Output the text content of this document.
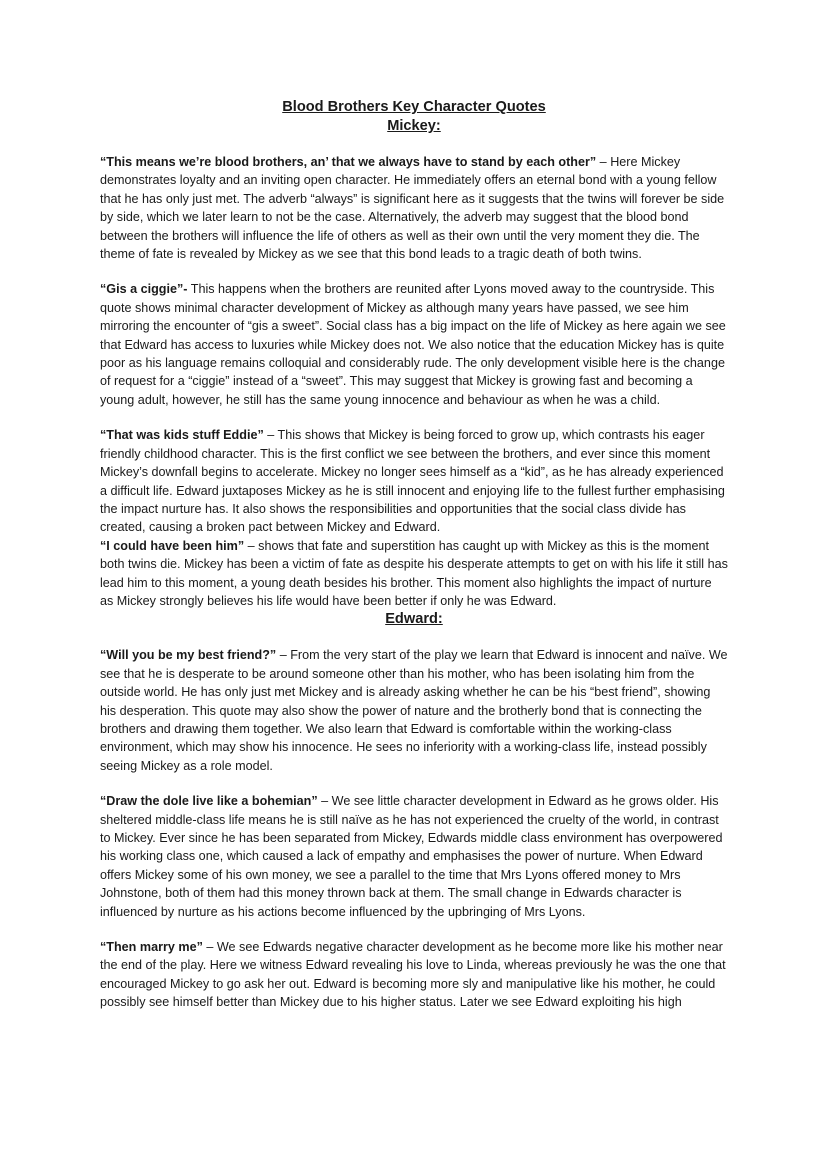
Blood Brothers Key Character Quotes

Mickey:

“This means we’re blood brothers, an’ that we always have to stand by each other” – Here Mickey demonstrates loyalty and an inviting open character. He immediately offers an eternal bond with a young fellow that he has only just met. The adverb “always” is significant here as it suggests that the twins will forever be side by side, which we later learn to not be the case. Alternatively, the adverb may suggest that the blood bond between the brothers will influence the life of others as well as their own until the very moment they die. The theme of fate is revealed by Mickey as we see that this bond leads to a tragic death of both twins.

“Gis a ciggie”- This happens when the brothers are reunited after Lyons moved away to the countryside. This quote shows minimal character development of Mickey as although many years have passed, we see him mirroring the encounter of “gis a sweet”. Social class has a big impact on the life of Mickey as here again we see that Edward has access to luxuries while Mickey does not. We also notice that the education Mickey has is quite poor as his language remains colloquial and considerably rude. The only development visible here is the change of request for a “ciggie” instead of a “sweet”. This may suggest that Mickey is growing fast and becoming a young adult, however, he still has the same young innocence and behaviour as when he was a child.

“That was kids stuff Eddie” – This shows that Mickey is being forced to grow up, which contrasts his eager friendly childhood character. This is the first conflict we see between the brothers, and ever since this moment Mickey’s downfall begins to accelerate. Mickey no longer sees himself as a “kid”, as he has already experienced a difficult life. Edward juxtaposes Mickey as he is still innocent and enjoying life to the fullest further emphasising the impact nurture has. It also shows the responsibilities and opportunities that the social class divide has created, causing a broken pact between Mickey and Edward.

“I could have been him” – shows that fate and superstition has caught up with Mickey as this is the moment both twins die. Mickey has been a victim of fate as despite his desperate attempts to get on with his life it still has lead him to this moment, a young death besides his brother. This moment also highlights the impact of nurture as Mickey strongly believes his life would have been better if only he was Edward.

Edward:

“Will you be my best friend?” – From the very start of the play we learn that Edward is innocent and naïve. We see that he is desperate to be around someone other than his mother, who has been isolating him from the outside world. He has only just met Mickey and is already asking whether he can be his “best friend”, showing his desperation. This quote may also show the power of nature and the brotherly bond that is connecting the brothers and drawing them together. We also learn that Edward is comfortable within the working-class environment, which may show his innocence. He sees no inferiority with a working-class life, instead possibly seeing Mickey as a role model.

“Draw the dole live like a bohemian” – We see little character development in Edward as he grows older. His sheltered middle-class life means he is still naïve as he has not experienced the cruelty of the world, in contrast to Mickey. Ever since he has been separated from Mickey, Edwards middle class environment has overpowered his working class one, which caused a lack of empathy and emphasises the power of nurture. When Edward offers Mickey some of his own money, we see a parallel to the time that Mrs Lyons offered money to Mrs Johnstone, both of them had this money thrown back at them. The small change in Edwards character is influenced by nurture as his actions become influenced by the upbringing of Mrs Lyons.

“Then marry me” – We see Edwards negative character development as he become more like his mother near the end of the play. Here we witness Edward revealing his love to Linda, whereas previously he was the one that encouraged Mickey to go ask her out. Edward is becoming more sly and manipulative like his mother, he could possibly see himself better than Mickey due to his higher status. Later we see Edward exploiting his high
